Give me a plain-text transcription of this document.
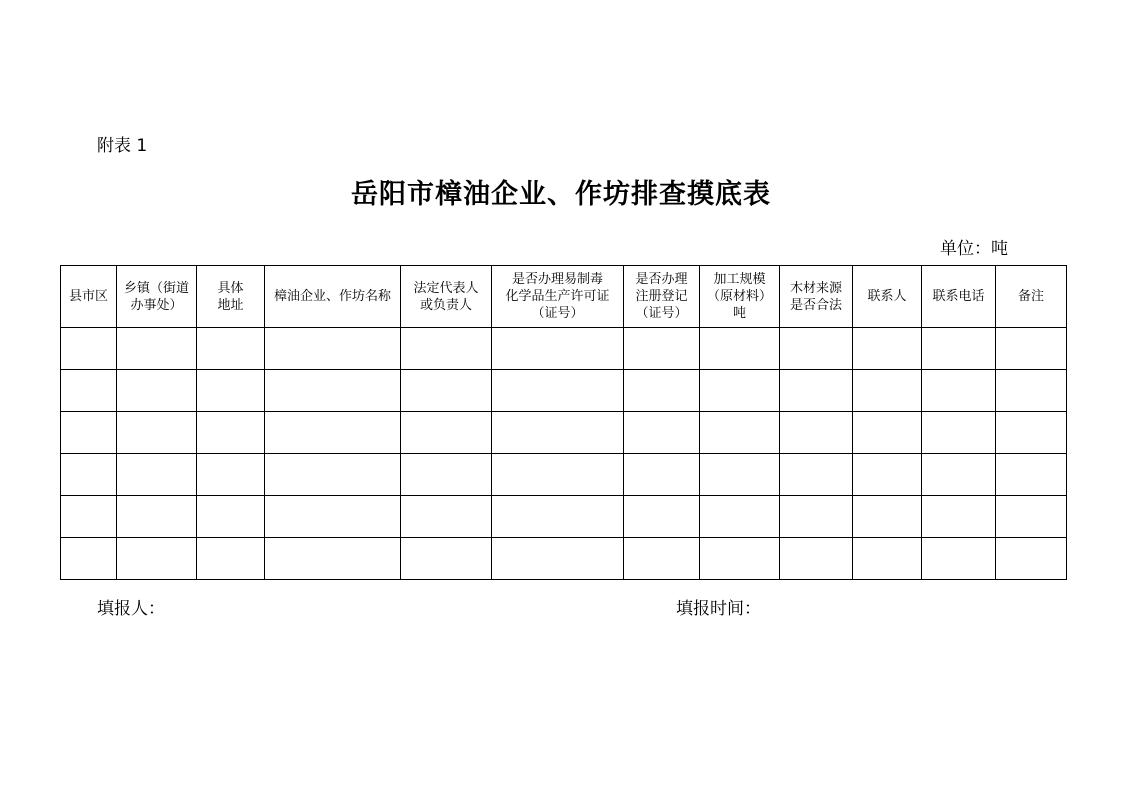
附表 1
岳阳市樟油企业、作坊排查摸底表
单位：吨
县市区	乡镇（街道
办事处）	具体
地址	樟油企业、作坊名称	法定代表人
或负责人	是否办理易制毒
化学品生产许可证
（证号）	是否办理
注册登记
（证号）	加工规模
（原材料）
吨	木材来源
是否合法	联系人	联系电话	备注

填报人：	填报时间：
